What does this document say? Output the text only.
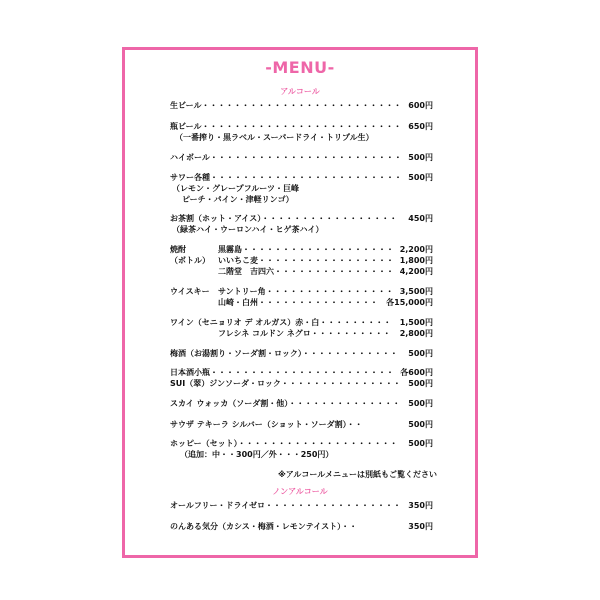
-MENU-
アルコール
生ビール・・・・・・・・・・・・・・・・・・・・・・・・・ 600円
瓶ビール・・・・・・・・・・・・・・・・・・・・・・・・・ 650円
（一番搾り・黒ラベル・スーパードライ・トリプル生）
ハイボール・・・・・・・・・・・・・・・・・・・・・・・・ 500円
サワー各種・・・・・・・・・・・・・・・・・・・・・・・・ 500円
（レモン・グレープフルーツ・巨峰
ピーチ・パイン・津軽リンゴ）
お茶割（ホット・アイス）・・・・・・・・・・・・・・・・・ 450円
（緑茶ハイ・ウーロンハイ・ヒゲ茶ハイ）
焼酎
（ボトル）
黒霧島・・・・・・・・・・・・・・・・・・・ 2,200円
いいちこ麦・・・・・・・・・・・・・・・・・ 1,800円
二階堂　吉四六・・・・・・・・・・・・・・・ 4,200円
ウイスキー サントリー角・・・・・・・・・・・・・・・・ 3,500円
山崎・白州・・・・・・・・・・・・・・・ 各15,000円
ワイン（セニョリオ デ オルガス）赤・白・・・・・・・・・ 1,500円
フレシネ コルドン ネグロ・・・・・・・・・・ 2,800円
梅酒（お湯割り・ソーダ割・ロック）・・・・・・・・・・・・ 500円
日本酒小瓶・・・・・・・・・・・・・・・・・・・・・・・ 各600円
SUI（翠）ジンソーダ・ロック・・・・・・・・・・・・・・・ 500円
スカイ ウォッカ（ソーダ割・他）・・・・・・・・・・・・・・ 500円
サウザ テキーラ シルバー（ショット・ソーダ割）・・	500円
ホッピー（セット）・・・・・・・・・・・・・・・・・・・・ 500円
（追加：中・・300円／外・・・250円）
※アルコールメニューは別紙もご覧ください
ノンアルコール
オールフリー・ドライゼロ・・・・・・・・・・・・・・・・・ 350円
のんある気分（カシス・梅酒・レモンテイスト）・・	350円
